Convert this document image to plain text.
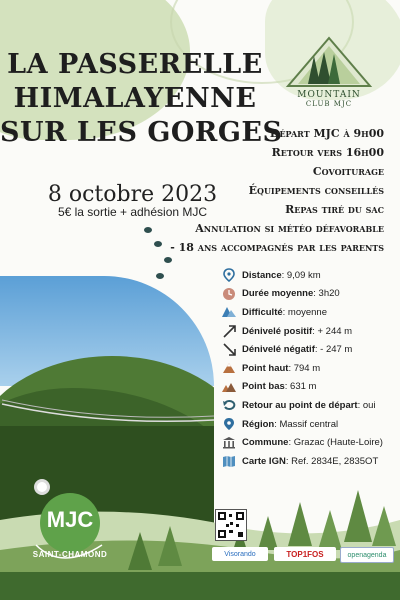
LA PASSERELLE
HIMALAYENNE
SUR LES GORGES
8 octobre 2023
5€ la sortie + adhésion MJC
MOUNTAIN
CLUB MJC
Départ MJC à 9h00
Retour vers 16h00
Covoiturage
Équipements conseillés
Repas tiré du sac
Annulation si météo défavorable
- 18 ans accompagnés par les parents
Distance : 9,09 km
Durée moyenne : 3h20
Difficulté : moyenne
Dénivelé positif : + 244 m
Dénivelé négatif : - 247 m
Point haut : 794 m
Point bas : 631 m
Retour au point de départ : oui
Région : Massif central
Commune : Grazac (Haute-Loire)
Carte IGN : Ref. 2834E, 2835OT
MJC
SAINT-CHAMOND	Visorando	TOP1FOS	openagenda
